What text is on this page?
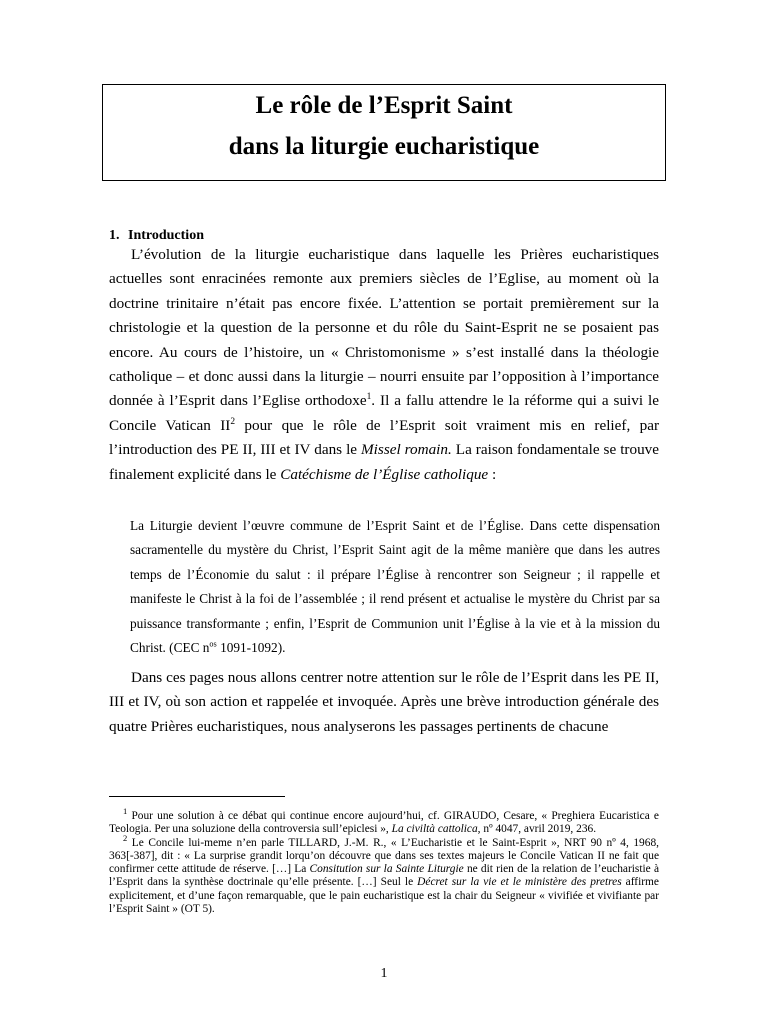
Le rôle de l’Esprit Saint
dans la liturgie eucharistique
1. Introduction

L’évolution de la liturgie eucharistique dans laquelle les Prières eucharistiques actuelles sont enracinées remonte aux premiers siècles de l’Eglise, au moment où la doctrine trinitaire n’était pas encore fixée. L’attention se portait premièrement sur la christologie et la question de la personne et du rôle du Saint-Esprit ne se posaient pas encore. Au cours de l’histoire, un « Christomonisme » s’est installé dans la théologie catholique – et donc aussi dans la liturgie – nourri ensuite par l’opposition à l’importance donnée à l’Esprit dans l’Eglise orthodoxe$^1$. Il a fallu attendre le la réforme qui a suivi le Concile Vatican $II^2$ pour que le rôle de l’Esprit soit vraiment mis en relief, par l’introduction des PE II, III et IV dans le Missel romain. La raison fondamentale se trouve finalement explicité dans le Catéchisme de l’Église catholique :

La Liturgie devient l’œuvre commune de l’Esprit Saint et de l’Église. Dans cette dispensation sacramentelle du mystère du Christ, l’Esprit Saint agit de la même manière que dans les autres temps de l’Économie du salut : il prépare l’Église à rencontrer son Seigneur ; il rappelle et manifeste le Christ à la foi de l’assemblée ; il rend présent et actualise le mystère du Christ par sa puissance transformante ; enfin, l’Esprit de Communion unit l’Église à la vie et à la mission du Christ. (CEC $n^{os}$ 1091-1092).

Dans ces pages nous allons centrer notre attention sur le rôle de l’Esprit dans les PE II, III et IV, où son action et rappelée et invoquée. Après une brève introduction générale des quatre Prières eucharistiques, nous analyserons les passages pertinents de chacune

$^1$ Pour une solution à ce débat qui continue encore aujourd’hui, cf. GIRAUDO, Cesare, « Preghiera Eucaristica e Teologia. Per una soluzione della controversia sull’epiclesi », La civiltà cattolica, nº 4047, avril 2019, 236.

$^2$ Le Concile lui-meme n’en parle TILLARD, J.-M. R., « L’Eucharistie et le Saint-Esprit », NRT 90 nº 4, 1968, 363[-387], dit : « La surprise grandit lorqu’on découvre que dans ses textes majeurs le Concile Vatican II ne fait que confirmer cette attitude de réserve. […] La Consitution sur la Sainte Liturgie ne dit rien de la relation de l’eucharistie à l’Esprit dans la synthèse doctrinale qu’elle présente. […] Seul le Décret sur la vie et le ministère des pretres affirme explicitement, et d’une façon remarquable, que le pain eucharistique est la chair du Seigneur « vivifiée et vivifiante par l’Esprit Saint » (OT 5).

1
